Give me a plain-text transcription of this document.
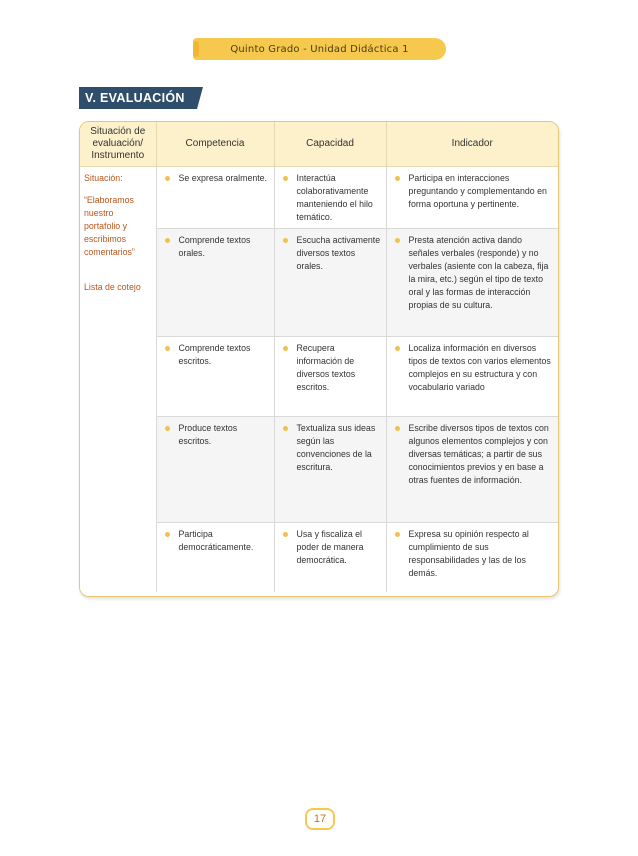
Quinto Grado - Unidad Didáctica 1
V. EVALUACIÓN
Situación de evaluación/ Instrumento	Competencia	Capacidad	Indicador

Situación:

“Elaboramos nuestro portafolio y escribimos comentarios”

Lista de cotejo	Se expresa oralmente.	Interactúa colaborativamente manteniendo el hilo temático.	Participa en interacciones preguntando y complementando en forma oportuna y pertinente.

Comprende textos orales.	Escucha activamente diversos textos orales.	Presta atención activa dando señales verbales (responde) y no verbales (asiente con la cabeza, fija la mira, etc.) según el tipo de texto oral y las formas de interacción propias de su cultura.

Comprende textos escritos.	Recupera información de diversos textos escritos.	Localiza información en diversos tipos de textos con varios elementos complejos en su estructura y con vocabulario variado

Produce textos escritos.	Textualiza sus ideas según las convenciones de la escritura.	Escribe diversos tipos de textos con algunos elementos complejos y con diversas temáticas; a partir de sus conocimientos previos y en base a otras fuentes de información.

Participa democráticamente.	Usa y fiscaliza el poder de manera democrática.	Expresa su opinión respecto al cumplimiento de sus responsabilidades y las de los demás.
17
